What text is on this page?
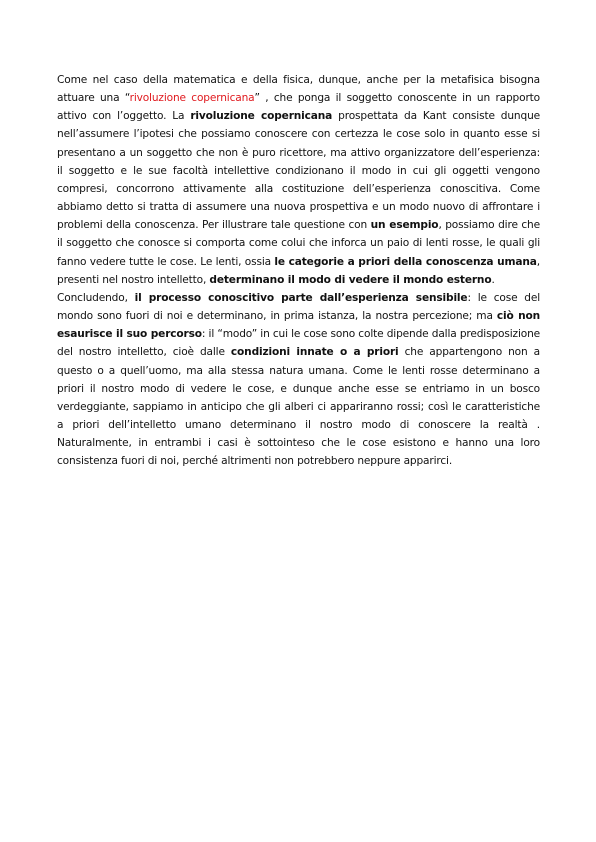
Come nel caso della matematica e della fisica, dunque, anche per la metafisica bisogna attuare una “rivoluzione copernicana” , che ponga il soggetto conoscente in un rapporto attivo con l’oggetto. La rivoluzione copernicana prospettata da Kant consiste dunque nell’assumere l’ipotesi che possiamo conoscere con certezza le cose solo in quanto esse si presentano a un soggetto che non è puro ricettore, ma attivo organizzatore dell’esperienza: il soggetto e le sue facoltà intellettive condizionano il modo in cui gli oggetti vengono compresi, concorrono attivamente alla costituzione dell’esperienza conoscitiva. Come abbiamo detto si tratta di assumere una nuova prospettiva e un modo nuovo di affrontare i problemi della conoscenza. Per illustrare tale questione con un esempio, possiamo dire che il soggetto che conosce si comporta come colui che inforca un paio di lenti rosse, le quali gli fanno vedere tutte le cose. Le lenti, ossia le categorie a priori della conoscenza umana, presenti nel nostro intelletto, determinano il modo di vedere il mondo esterno.

Concludendo, il processo conoscitivo parte dall’esperienza sensibile: le cose del mondo sono fuori di noi e determinano, in prima istanza, la nostra percezione; ma ciò non esaurisce il suo percorso: il “modo” in cui le cose sono colte dipende dalla predisposizione del nostro intelletto, cioè dalle condizioni innate o a priori che appartengono non a questo o a quell’uomo, ma alla stessa natura umana. Come le lenti rosse determinano a priori il nostro modo di vedere le cose, e dunque anche esse se entriamo in un bosco verdeggiante, sappiamo in anticipo che gli alberi ci appariranno rossi; così le caratteristiche a priori dell’intelletto umano determinano il nostro modo di conoscere la realtà . Naturalmente, in entrambi i casi è sottointeso che le cose esistono e hanno una loro consistenza fuori di noi, perché altrimenti non potrebbero neppure apparirci.
